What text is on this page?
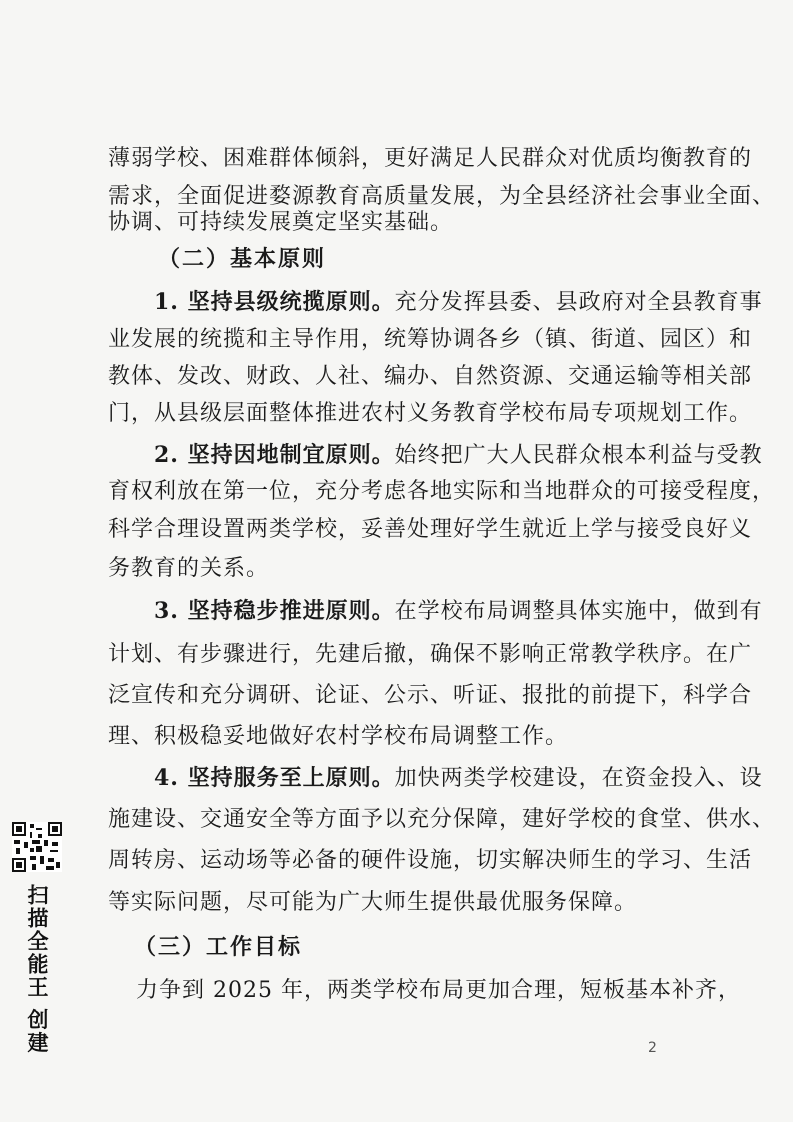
薄弱学校、困难群体倾斜，更好满足人民群众对优质均衡教育的
需求，全面促进婺源教育高质量发展，为全县经济社会事业全面、
协调、可持续发展奠定坚实基础。
（二）基本原则
1. 坚持县级统揽原则。充分发挥县委、县政府对全县教育事
业发展的统揽和主导作用，统筹协调各乡（镇、街道、园区）和
教体、发改、财政、人社、编办、自然资源、交通运输等相关部
门，从县级层面整体推进农村义务教育学校布局专项规划工作。
2. 坚持因地制宜原则。始终把广大人民群众根本利益与受教
育权利放在第一位，充分考虑各地实际和当地群众的可接受程度，
科学合理设置两类学校，妥善处理好学生就近上学与接受良好义
务教育的关系。
3. 坚持稳步推进原则。在学校布局调整具体实施中，做到有
计划、有步骤进行，先建后撤，确保不影响正常教学秩序。在广
泛宣传和充分调研、论证、公示、听证、报批的前提下，科学合
理、积极稳妥地做好农村学校布局调整工作。
4. 坚持服务至上原则。加快两类学校建设，在资金投入、设
施建设、交通安全等方面予以充分保障，建好学校的食堂、供水、
周转房、运动场等必备的硬件设施，切实解决师生的学习、生活
等实际问题，尽可能为广大师生提供最优服务保障。
（三）工作目标
力争到 2025 年，两类学校布局更加合理，短板基本补齐，
扫描全能王 创建	2
